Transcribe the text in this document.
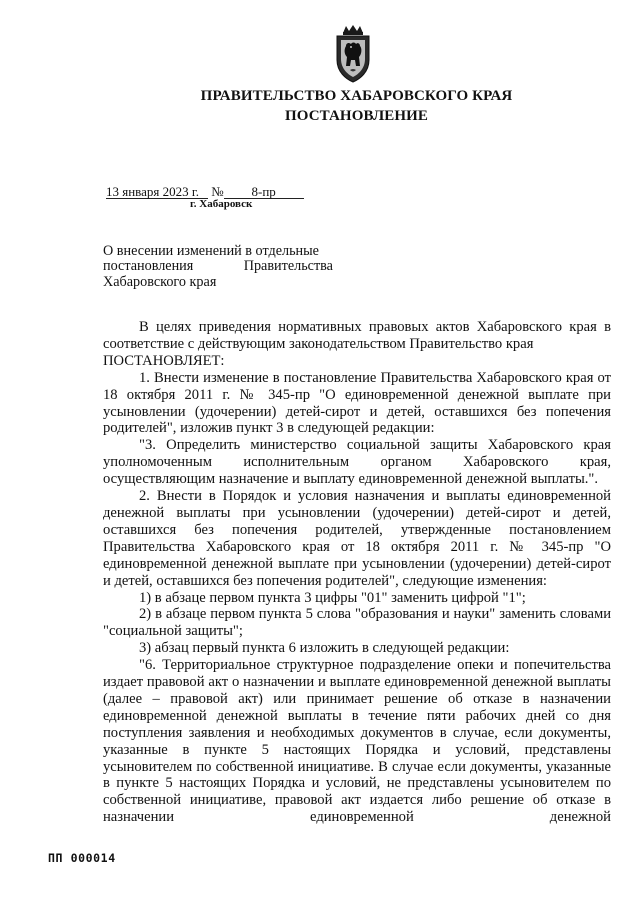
ПРАВИТЕЛЬСТВО ХАБАРОВСКОГО КРАЯ
ПОСТАНОВЛЕНИЕ
13 января 2023 г. № 8-пр
г. Хабаровск
О внесении изменений в отдельные
постановления	Правительства
Хабаровского края

В целях приведения нормативных правовых актов Хабаровского края в соответствие с действующим законодательством Правительство края

ПОСТАНОВЛЯЕТ:

1. Внести изменение в постановление Правительства Хабаровского края от 18 октября 2011 г. № 345-пр "О единовременной денежной выплате при усыновлении (удочерении) детей-сирот и детей, оставшихся без попечения родителей", изложив пункт 3 в следующей редакции:

"3. Определить министерство социальной защиты Хабаровского края уполномоченным исполнительным органом Хабаровского края, осуществляющим назначение и выплату единовременной денежной выплаты.".

2. Внести в Порядок и условия назначения и выплаты единовременной денежной выплаты при усыновлении (удочерении) детей-сирот и детей, оставшихся без попечения родителей, утвержденные постановлением Правительства Хабаровского края от 18 октября 2011 г. № 345-пр "О единовременной денежной выплате при усыновлении (удочерении) детей-сирот и детей, оставшихся без попечения родителей", следующие изменения:

1) в абзаце первом пункта 3 цифры "01" заменить цифрой "1";

2) в абзаце первом пункта 5 слова "образования и науки" заменить словами "социальной защиты";

3) абзац первый пункта 6 изложить в следующей редакции:

"6. Территориальное структурное подразделение опеки и попечительства издает правовой акт о назначении и выплате единовременной денежной выплаты (далее – правовой акт) или принимает решение об отказе в назначении единовременной денежной выплаты в течение пяти рабочих дней со дня поступления заявления и необходимых документов в случае, если документы, указанные в пункте 5 настоящих Порядка и условий, представлены усыновителем по собственной инициативе. В случае если документы, указанные в пункте 5 настоящих Порядка и условий, не представлены усыновителем по собственной инициативе, правовой акт издается либо решение об отказе в назначении единовременной денежной

ПП 000014
